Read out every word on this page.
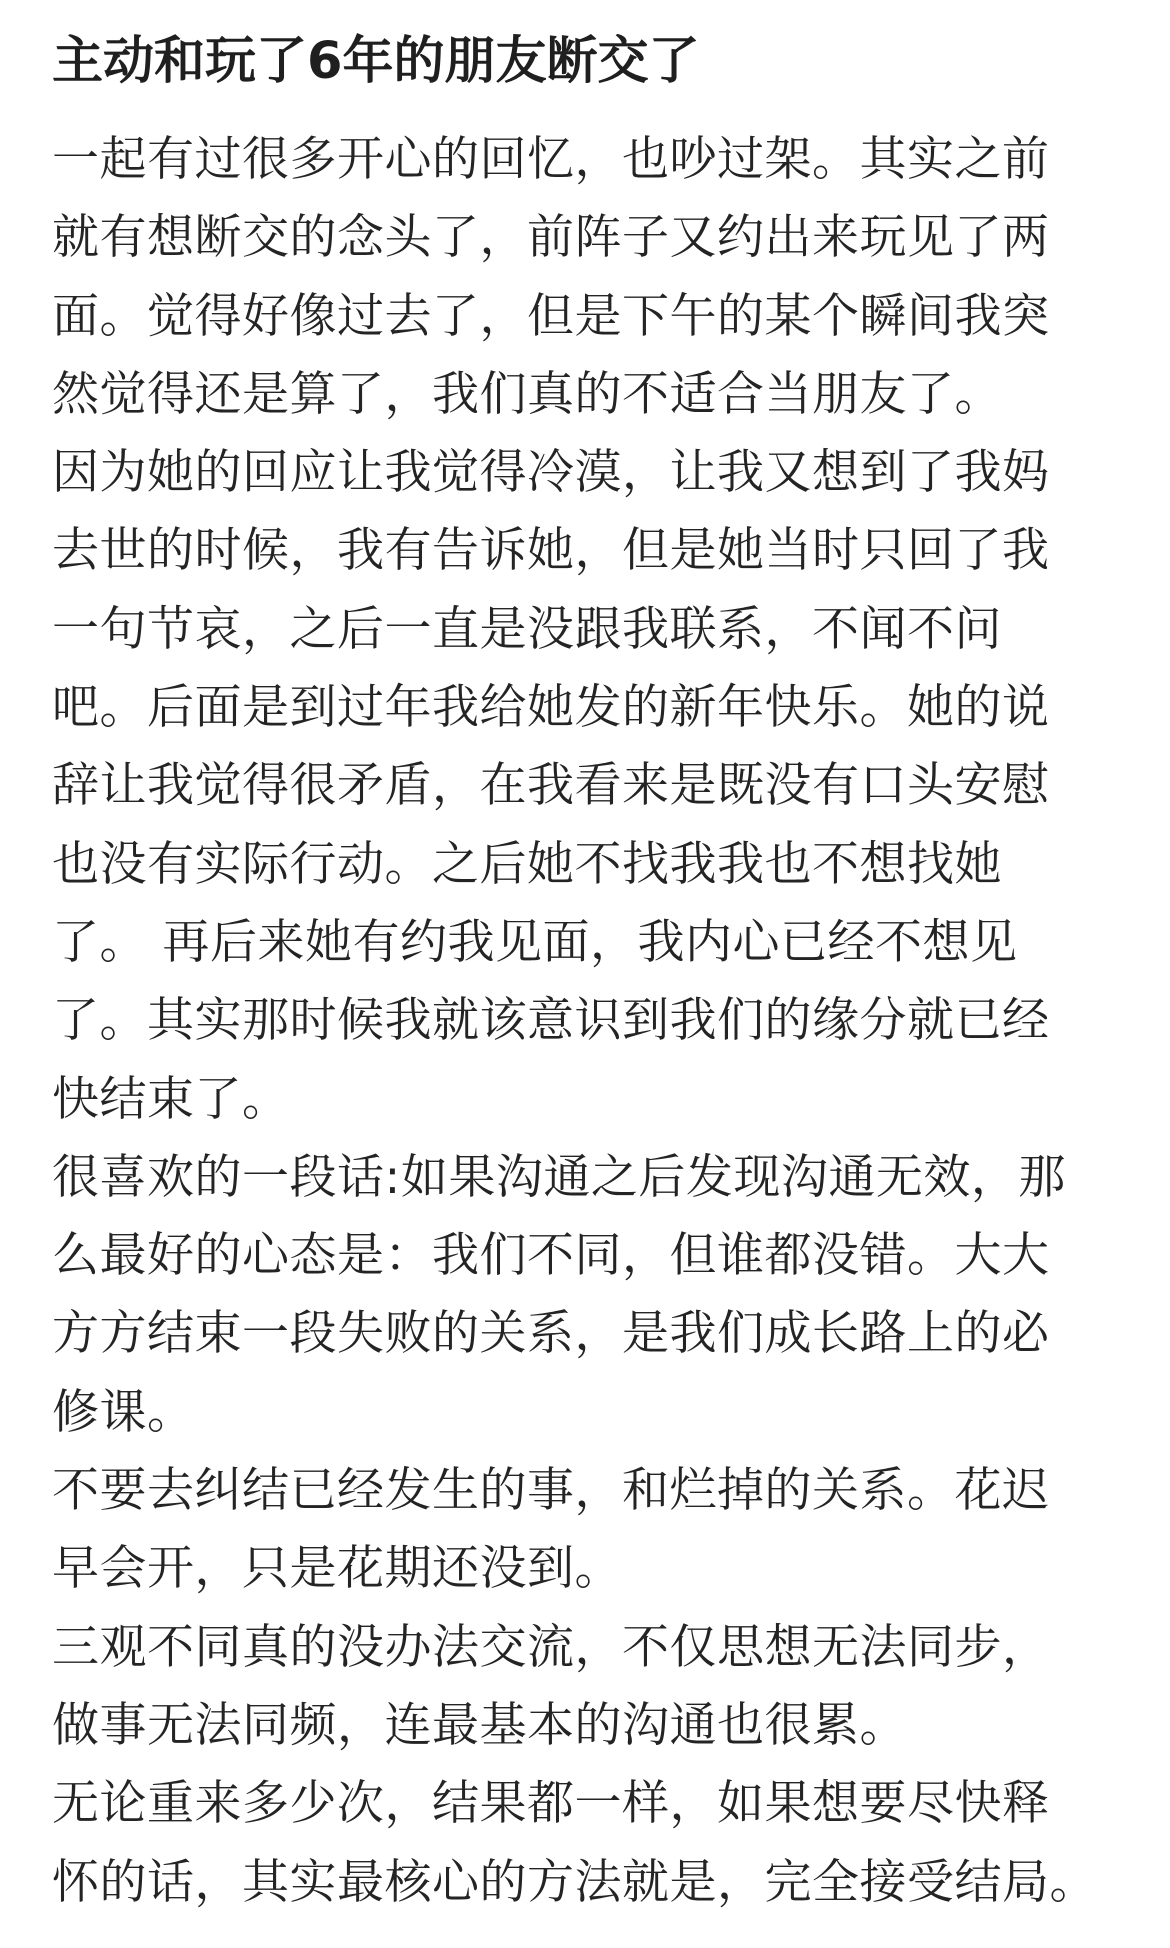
主动和玩了6年的朋友断交了
一起有过很多开心的回忆，也吵过架。其实之前
就有想断交的念头了，前阵子又约出来玩见了两
面。觉得好像过去了，但是下午的某个瞬间我突
然觉得还是算了，我们真的不适合当朋友了。
因为她的回应让我觉得冷漠，让我又想到了我妈
去世的时候，我有告诉她，但是她当时只回了我
一句节哀，之后一直是没跟我联系，不闻不问
吧。后面是到过年我给她发的新年快乐。她的说
辞让我觉得很矛盾，在我看来是既没有口头安慰
也没有实际行动。之后她不找我我也不想找她
了。 再后来她有约我见面，我内心已经不想见
了。其实那时候我就该意识到我们的缘分就已经
快结束了。
很喜欢的一段话:如果沟通之后发现沟通无效，那
么最好的心态是：我们不同，但谁都没错。大大
方方结束一段失败的关系，是我们成长路上的必
修课。
不要去纠结已经发生的事，和烂掉的关系。花迟
早会开，只是花期还没到。
三观不同真的没办法交流，不仅思想无法同步，
做事无法同频，连最基本的沟通也很累。
无论重来多少次，结果都一样，如果想要尽快释
怀的话，其实最核心的方法就是，完全接受结局。
